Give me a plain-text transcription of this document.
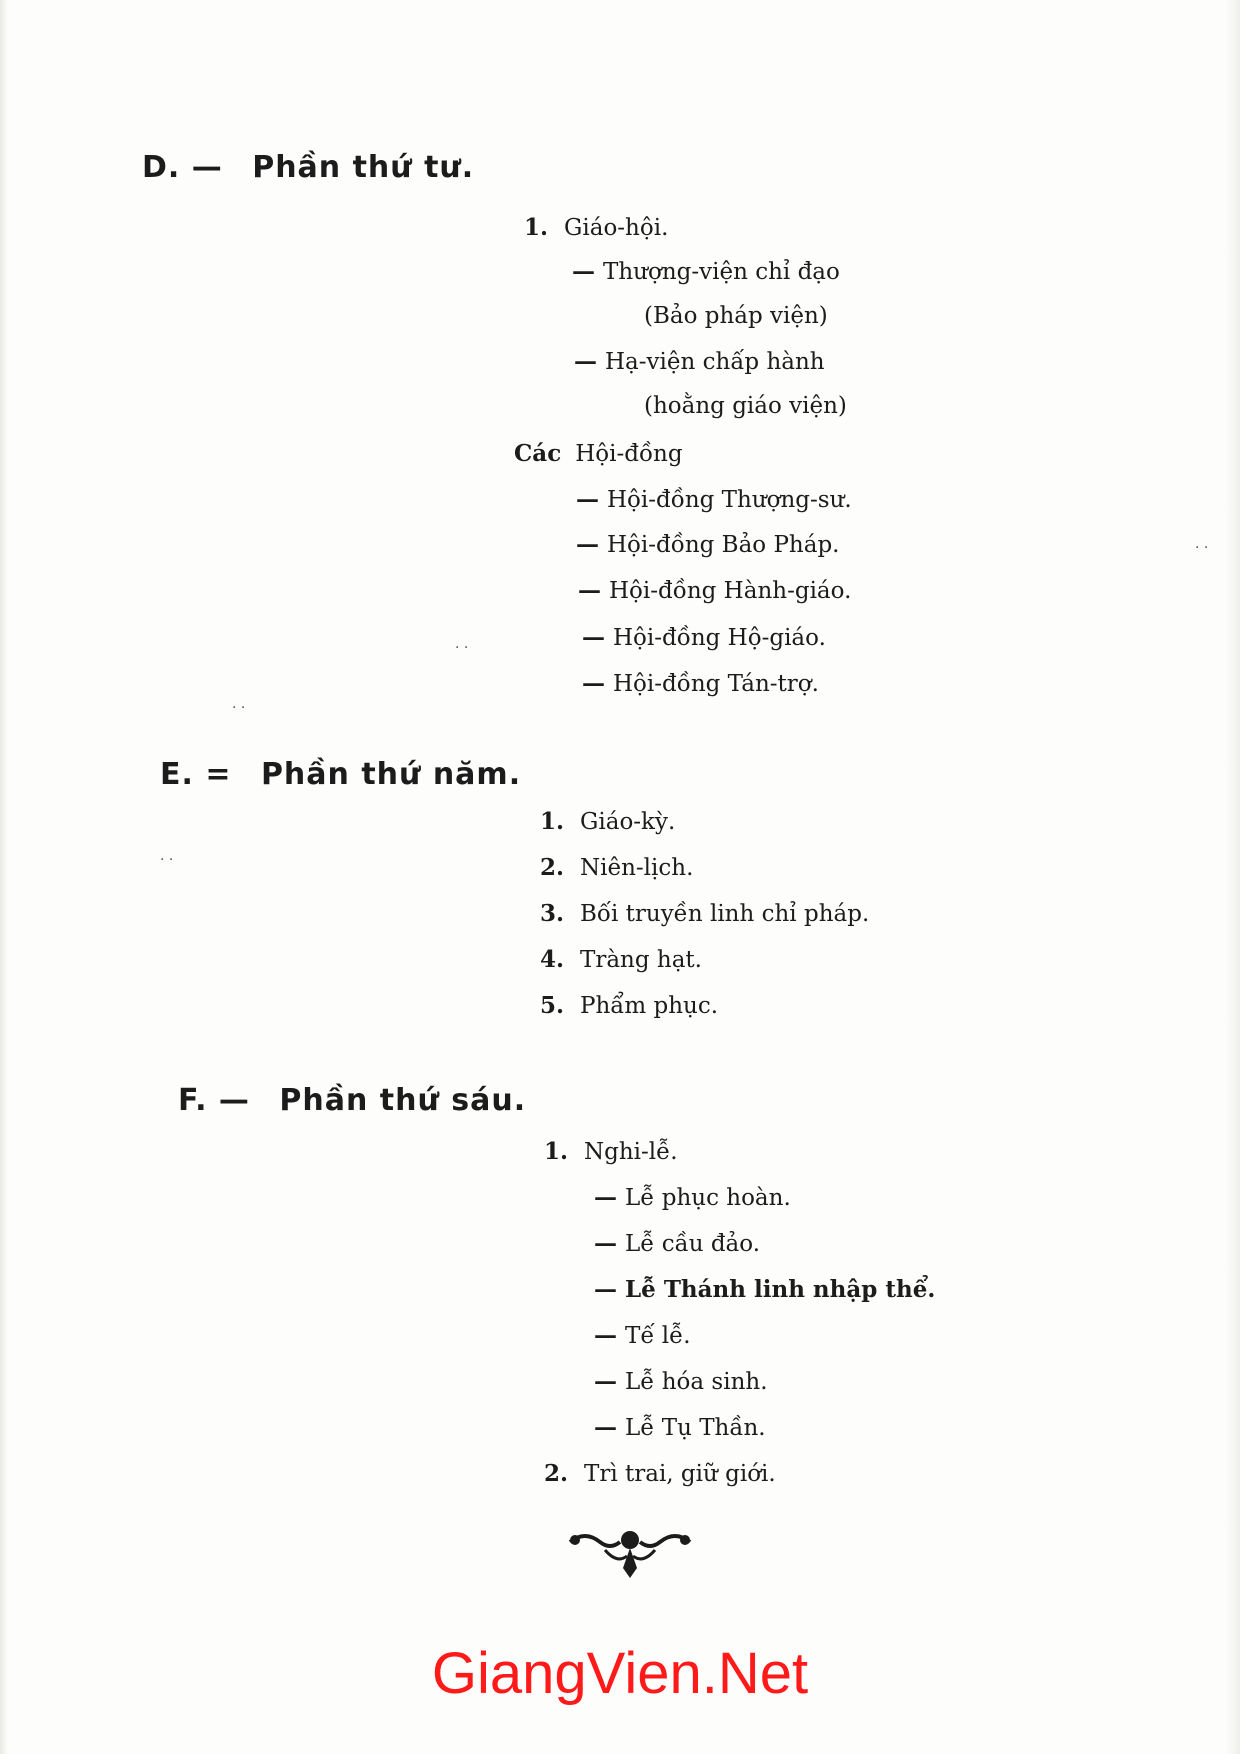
D. — Phần thứ tư.
1. Giáo-hội.
— Thượng-viện chỉ đạo
(Bảo pháp viện)
— Hạ-viện chấp hành
(hoằng giáo viện)
Các Hội-đồng
— Hội-đồng Thượng-sư.
— Hội-đồng Bảo Pháp.
— Hội-đồng Hành-giáo.
— Hội-đồng Hộ-giáo.
— Hội-đồng Tán-trợ.
E. = Phần thứ năm.
1. Giáo-kỳ.
2. Niên-lịch.
3. Bối truyền linh chỉ pháp.
4. Tràng hạt.
5. Phẩm phục.
F. — Phần thứ sáu.
1. Nghi-lễ.
— Lễ phục hoàn.
— Lễ cầu đảo.
— Lễ Thánh linh nhập thể.
— Tế lễ.
— Lễ hóa sinh.
— Lễ Tụ Thần.
2. Trì trai, giữ giới.
GiangVien.Net
· ·
· ·
· ·
· ·
